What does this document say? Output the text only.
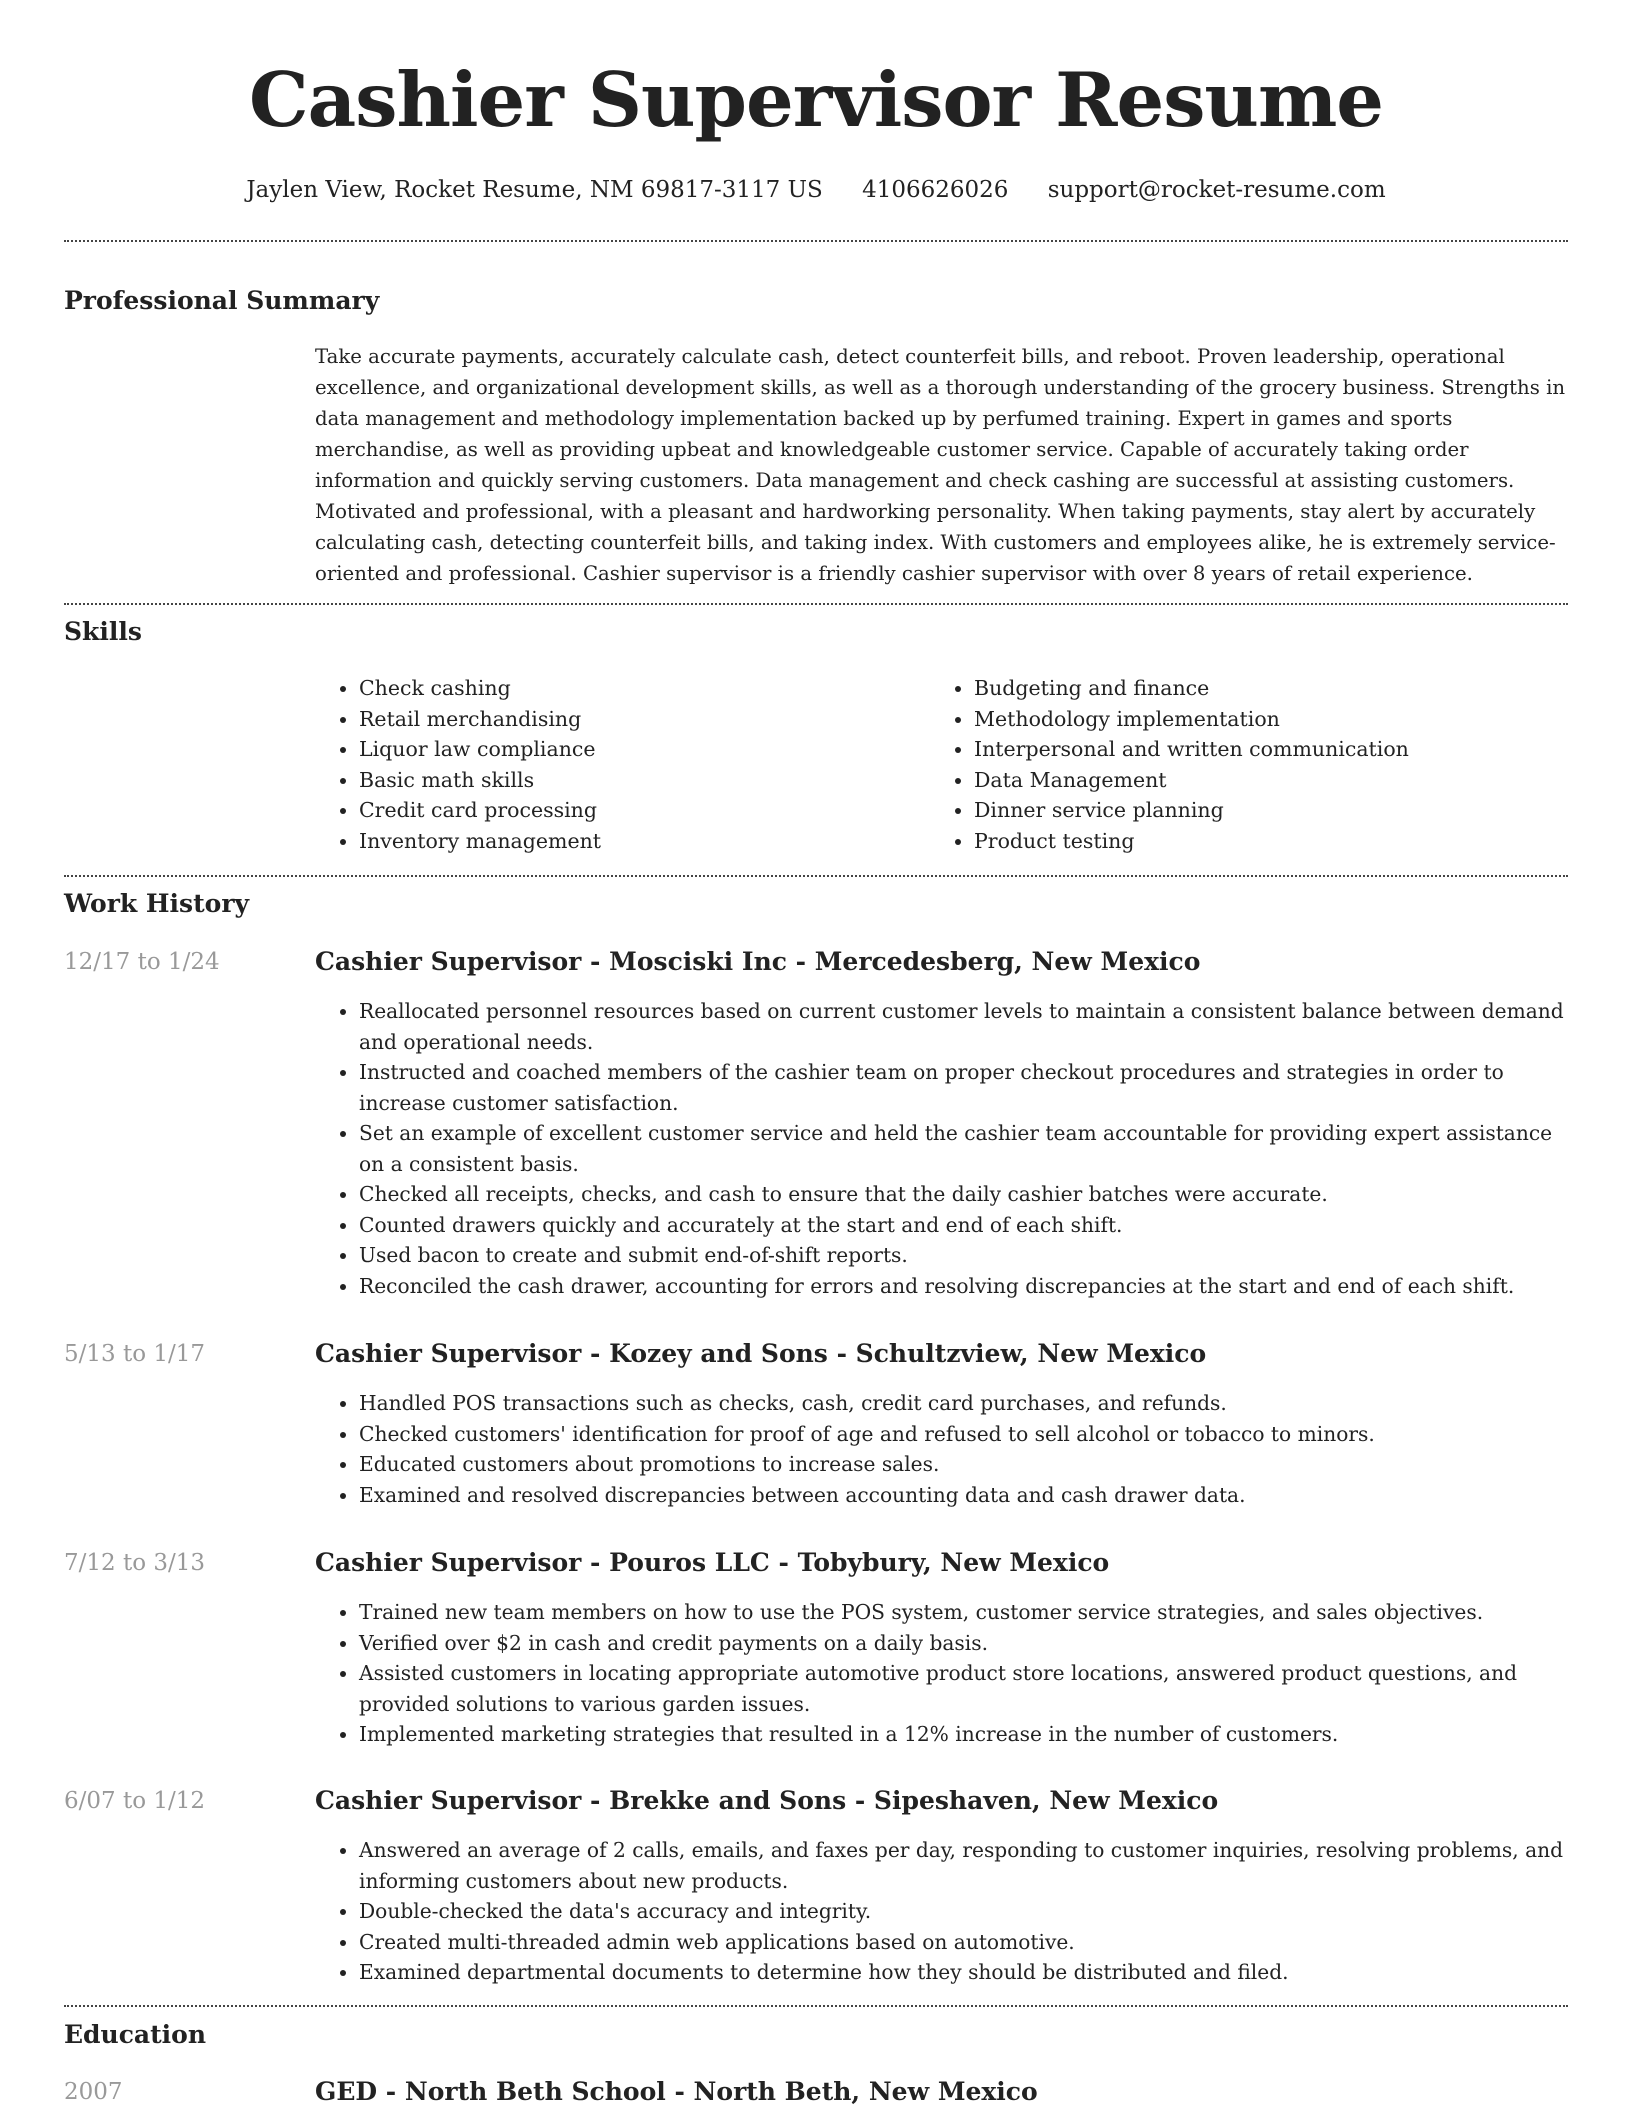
Cashier Supervisor Resume
Jaylen View, Rocket Resume, NM 69817-3117 US 4106626026 support@rocket-resume.com
Professional Summary

Take accurate payments, accurately calculate cash, detect counterfeit bills, and reboot. Proven leadership, operational excellence, and organizational development skills, as well as a thorough understanding of the grocery business. Strengths in data management and methodology implementation backed up by perfumed training. Expert in games and sports merchandise, as well as providing upbeat and knowledgeable customer service. Capable of accurately taking order information and quickly serving customers. Data management and check cashing are successful at assisting customers. Motivated and professional, with a pleasant and hardworking personality. When taking payments, stay alert by accurately calculating cash, detecting counterfeit bills, and taking index. With customers and employees alike, he is extremely service-oriented and professional. Cashier supervisor is a friendly cashier supervisor with over 8 years of retail experience.

Skills
• Check cashing
• Retail merchandising
• Liquor law compliance
• Basic math skills
• Credit card processing
• Inventory management
• Budgeting and finance
• Methodology implementation
• Interpersonal and written communication
• Data Management
• Dinner service planning
• Product testing
Work History
12/17 to 1/24	Cashier Supervisor - Mosciski Inc - Mercedesberg, New Mexico
• Reallocated personnel resources based on current customer levels to maintain a consistent balance between demand and operational needs.
• Instructed and coached members of the cashier team on proper checkout procedures and strategies in order to increase customer satisfaction.
• Set an example of excellent customer service and held the cashier team accountable for providing expert assistance on a consistent basis.
• Checked all receipts, checks, and cash to ensure that the daily cashier batches were accurate.
• Counted drawers quickly and accurately at the start and end of each shift.
• Used bacon to create and submit end-of-shift reports.
• Reconciled the cash drawer, accounting for errors and resolving discrepancies at the start and end of each shift.
5/13 to 1/17	Cashier Supervisor - Kozey and Sons - Schultzview, New Mexico
• Handled POS transactions such as checks, cash, credit card purchases, and refunds.
• Checked customers' identification for proof of age and refused to sell alcohol or tobacco to minors.
• Educated customers about promotions to increase sales.
• Examined and resolved discrepancies between accounting data and cash drawer data.
7/12 to 3/13	Cashier Supervisor - Pouros LLC - Tobybury, New Mexico
• Trained new team members on how to use the POS system, customer service strategies, and sales objectives.
• Verified over $2 in cash and credit payments on a daily basis.
• Assisted customers in locating appropriate automotive product store locations, answered product questions, and provided solutions to various garden issues.
• Implemented marketing strategies that resulted in a 12% increase in the number of customers.
6/07 to 1/12	Cashier Supervisor - Brekke and Sons - Sipeshaven, New Mexico
• Answered an average of 2 calls, emails, and faxes per day, responding to customer inquiries, resolving problems, and informing customers about new products.
• Double-checked the data's accuracy and integrity.
• Created multi-threaded admin web applications based on automotive.
• Examined departmental documents to determine how they should be distributed and filed.
Education
2007	GED - North Beth School - North Beth, New Mexico
